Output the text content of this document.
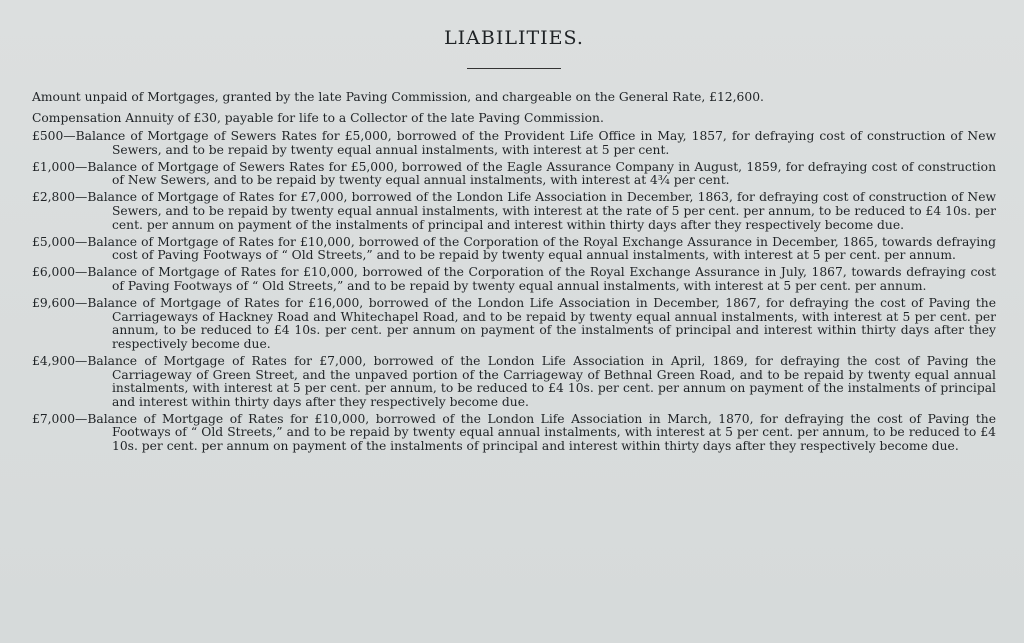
LIABILITIES.

Amount unpaid of Mortgages, granted by the late Paving Commission, and chargeable on the General Rate, £12,600.

Compensation Annuity of £30, payable for life to a Collector of the late Paving Commission.

£500—Balance of Mortgage of Sewers Rates for £5,000, borrowed of the Provident Life Office in May, 1857, for defraying cost of construction of New Sewers, and to be repaid by twenty equal annual instalments, with interest at 5 per cent.

£1,000—Balance of Mortgage of Sewers Rates for £5,000, borrowed of the Eagle Assurance Company in August, 1859, for defraying cost of construction of New Sewers, and to be repaid by twenty equal annual instalments, with interest at 4¾ per cent.

£2,800—Balance of Mortgage of Rates for £7,000, borrowed of the London Life Association in December, 1863, for defraying cost of construction of New Sewers, and to be repaid by twenty equal annual instalments, with interest at the rate of 5 per cent. per annum, to be reduced to £4 10s. per cent. per annum on payment of the instalments of principal and interest within thirty days after they respectively become due.

£5,000—Balance of Mortgage of Rates for £10,000, borrowed of the Corporation of the Royal Exchange Assurance in December, 1865, towards defraying cost of Paving Footways of “ Old Streets,” and to be repaid by twenty equal annual instalments, with interest at 5 per cent. per annum.

£6,000—Balance of Mortgage of Rates for £10,000, borrowed of the Corporation of the Royal Exchange Assurance in July, 1867, towards defraying cost of Paving Footways of “ Old Streets,” and to be repaid by twenty equal annual instalments, with interest at 5 per cent. per annum.

£9,600—Balance of Mortgage of Rates for £16,000, borrowed of the London Life Association in December, 1867, for defraying the cost of Paving the Carriageways of Hackney Road and Whitechapel Road, and to be repaid by twenty equal annual instalments, with interest at 5 per cent. per annum, to be reduced to £4 10s. per cent. per annum on payment of the instalments of principal and interest within thirty days after they respectively become due.

£4,900—Balance of Mortgage of Rates for £7,000, borrowed of the London Life Association in April, 1869, for defraying the cost of Paving the Carriageway of Green Street, and the unpaved portion of the Carriageway of Bethnal Green Road, and to be repaid by twenty equal annual instalments, with interest at 5 per cent. per annum, to be reduced to £4 10s. per cent. per annum on payment of the instalments of principal and interest within thirty days after they respectively become due.

£7,000—Balance of Mortgage of Rates for £10,000, borrowed of the London Life Association in March, 1870, for defraying the cost of Paving the Footways of “ Old Streets,” and to be repaid by twenty equal annual instalments, with interest at 5 per cent. per annum, to be reduced to £4 10s. per cent. per annum on payment of the instalments of principal and interest within thirty days after they respectively become due.
